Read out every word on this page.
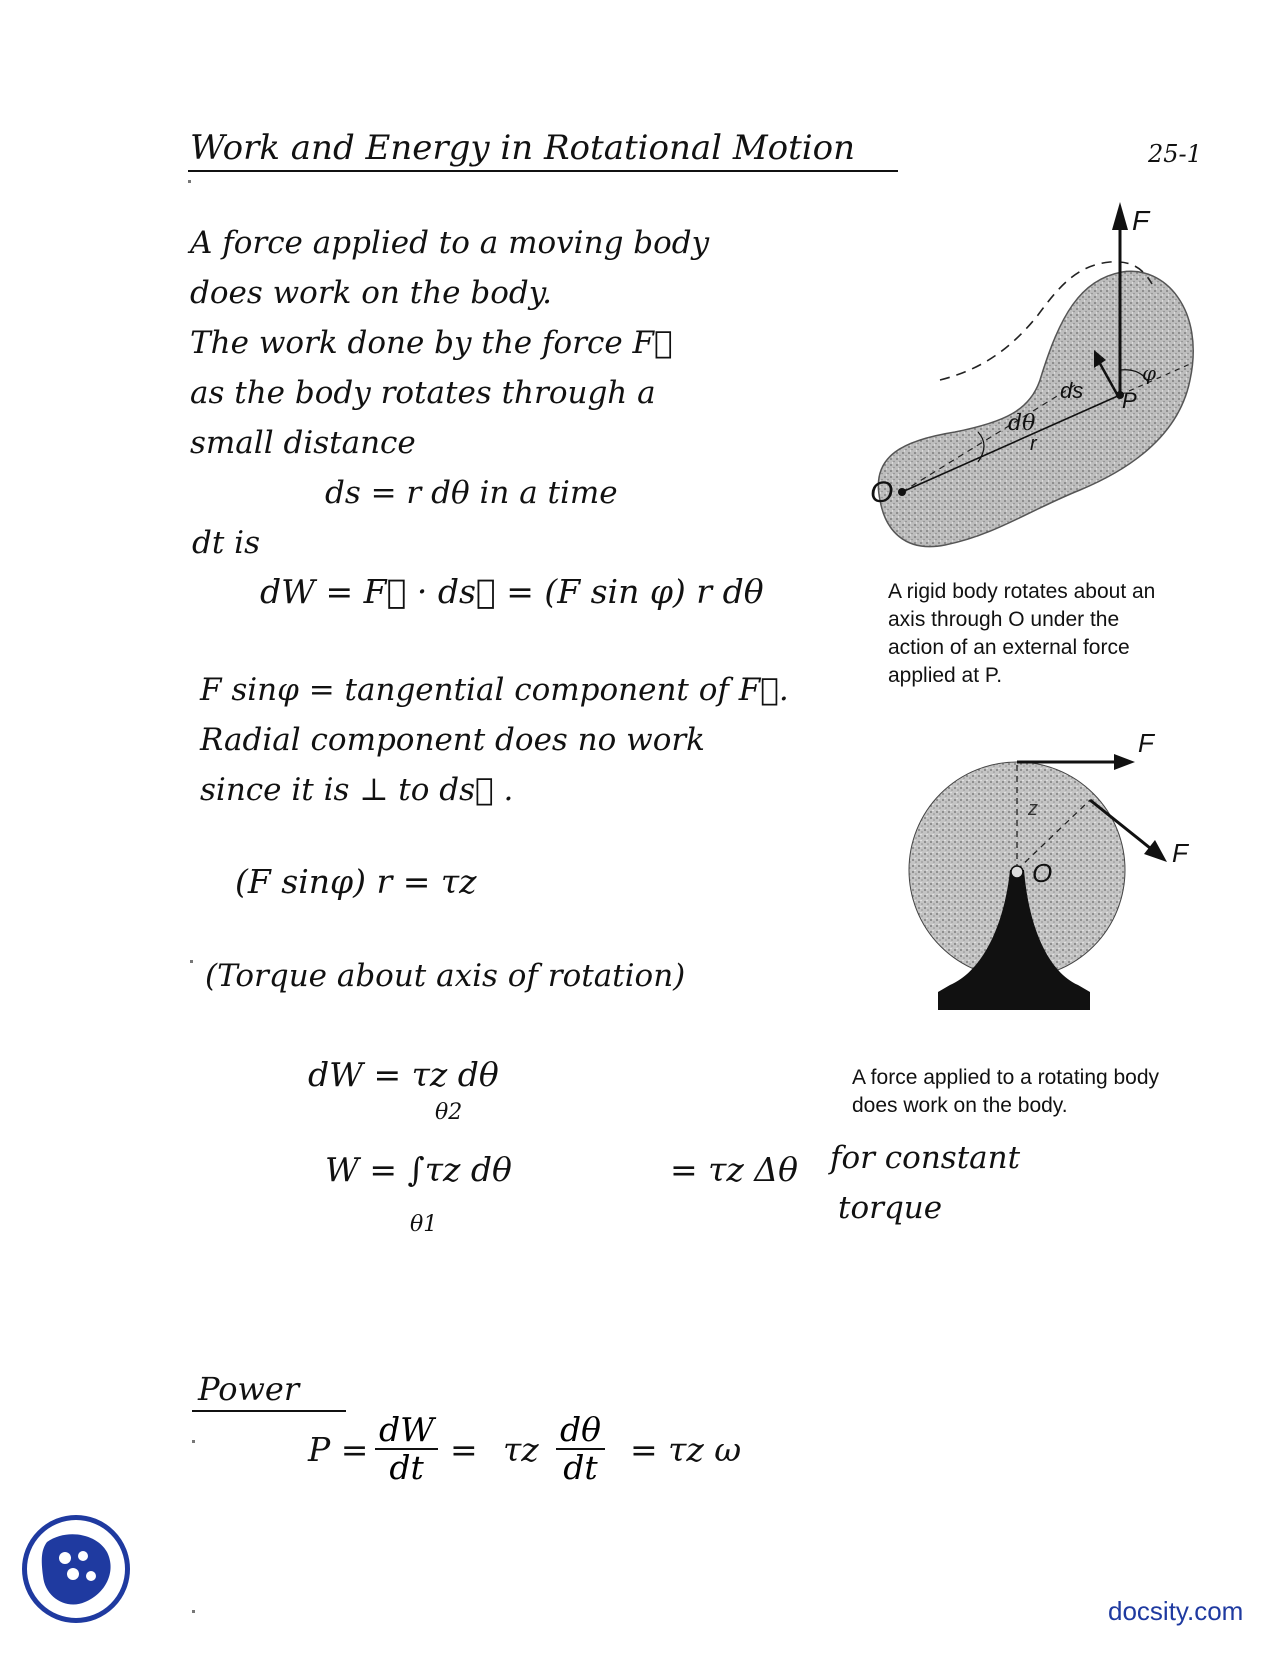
Work and Energy in Rotational Motion	25-1
A force applied to a moving body
does work on the body.
The work done by the force F⃗
as the body rotates through a
small distance
ds = r dθ in a time
dt is
dW = F⃗ · ds⃗ = (F sin φ) r dθ
F sinφ = tangential component of F⃗.
Radial component does no work
since it is ⊥ to ds⃗ .
(F sinφ) r = τz
(Torque about axis of rotation)
dW = τz dθ
θ2
W = ∫τz dθ
θ1
= τz Δθ for constant
torque
Power
$P = \frac{dW}{dt} = \tau z \frac{d\theta}{dt} = \tau z$ ω
F
φ
ds P
dθ
r
O
A rigid body rotates about an
axis through O under the
action of an external force
applied at P.
F
F
z
O
A force applied to a rotating body
does work on the body.
docsity.com
